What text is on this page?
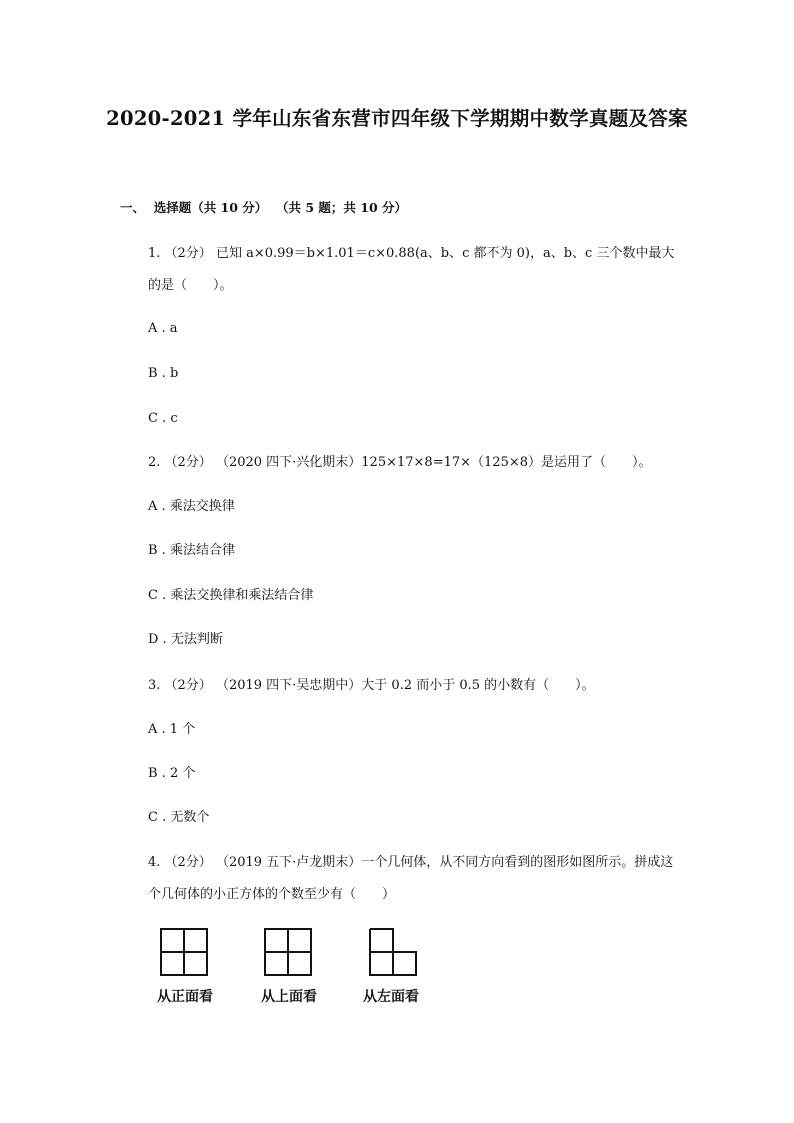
2020-2021 学年山东省东营市四年级下学期期中数学真题及答案
一、  选择题（共 10 分）  （共 5 题；共 10 分）
1. （2分） 已知 a×0.99＝b×1.01＝c×0.88(a、b、c 都不为 0)，a、b、c 三个数中最大的是（　　）。
A . a
B . b
C . c
2. （2分） （2020 四下·兴化期末）125×17×8=17×（125×8）是运用了（　　）。
A . 乘法交换律
B . 乘法结合律
C . 乘法交换律和乘法结合律
D . 无法判断
3. （2分） （2019 四下·吴忠期中）大于 0.2 而小于 0.5 的小数有（　　）。
A . 1 个
B . 2 个
C . 无数个
4. （2分） （2019 五下·卢龙期末）一个几何体，从不同方向看到的图形如图所示。拼成这个几何体的小正方体的个数至少有（　　）
从正面看	从上面看	从左面看
